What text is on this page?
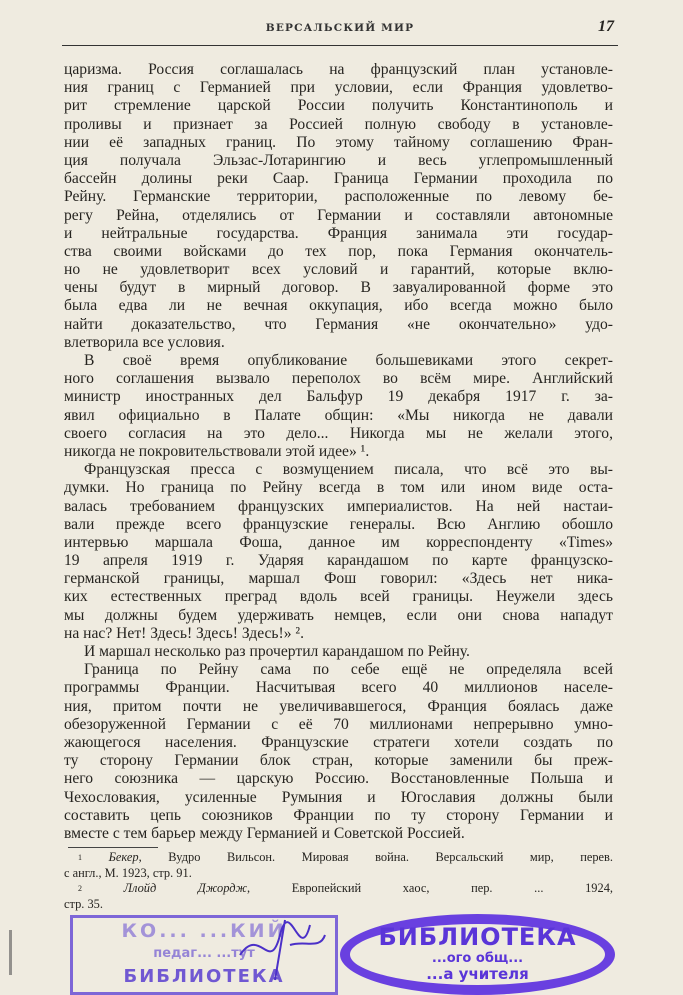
ВЕРСАЛЬСКИЙ МИР	17
царизма. Россия соглашалась на французский план установле-
ния границ с Германией при условии, если Франция удовлетво-
рит стремление царской России получить Константинополь и
проливы и признает за Россией полную свободу в установле-
нии её западных границ. По этому тайному соглашению Фран-
ция получала Эльзас-Лотарингию и весь углепромышленный
бассейн долины реки Саар. Граница Германии проходила по
Рейну. Германские территории, расположенные по левому бе-
регу Рейна, отделялись от Германии и составляли автономные
и нейтральные государства. Франция занимала эти государ-
ства своими войсками до тех пор, пока Германия окончатель-
но не удовлетворит всех условий и гарантий, которые вклю-
чены будут в мирный договор. В завуалированной форме это
была едва ли не вечная оккупация, ибо всегда можно было
найти доказательство, что Германия «не окончательно» удо-
влетворила все условия.
В своё время опубликование большевиками этого секрет-
ного соглашения вызвало переполох во всём мире. Английский
министр иностранных дел Бальфур 19 декабря 1917 г. за-
явил официально в Палате общин: «Мы никогда не давали
своего согласия на это дело... Никогда мы не желали этого,
никогда не покровительствовали этой идее» ¹.
Французская пресса с возмущением писала, что всё это вы-
думки. Но граница по Рейну всегда в том или ином виде оста-
валась требованием французских империалистов. На ней настаи-
вали прежде всего французские генералы. Всю Англию обошло
интервью маршала Фоша, данное им корреспонденту «Times»
19 апреля 1919 г. Ударяя карандашом по карте французско-
германской границы, маршал Фош говорил: «Здесь нет ника-
ких естественных преград вдоль всей границы. Неужели здесь
мы должны будем удерживать немцев, если они снова нападут
на нас? Нет! Здесь! Здесь! Здесь!» ².
И маршал несколько раз прочертил карандашом по Рейну.
Граница по Рейну сама по себе ещё не определяла всей
программы Франции. Насчитывая всего 40 миллионов населе-
ния, притом почти не увеличивавшегося, Франция боялась даже
обезоруженной Германии с её 70 миллионами непрерывно умно-
жающегося населения. Французские стратеги хотели создать по
ту сторону Германии блок стран, которые заменили бы преж-
него союзника — царскую Россию. Восстановленные Польша и
Чехословакия, усиленные Румыния и Югославия должны были
составить цепь союзников Франции по ту сторону Германии и
вместе с тем барьер между Германией и Советской Россией.
$^1$ Бекер, Вудро Вильсон. Мировая война. Версальский мир, перев.
с англ., М. 1923, стр. 91.
$^2$	Ллойд Джордж, Европейский хаос, пер. ... 1924,
стр. 35.
КО... ...КИЙ
педаг... ...тут
БИБЛИОТЕКА
БИБЛИОТЕКА
...ого общ...
...а учителя
